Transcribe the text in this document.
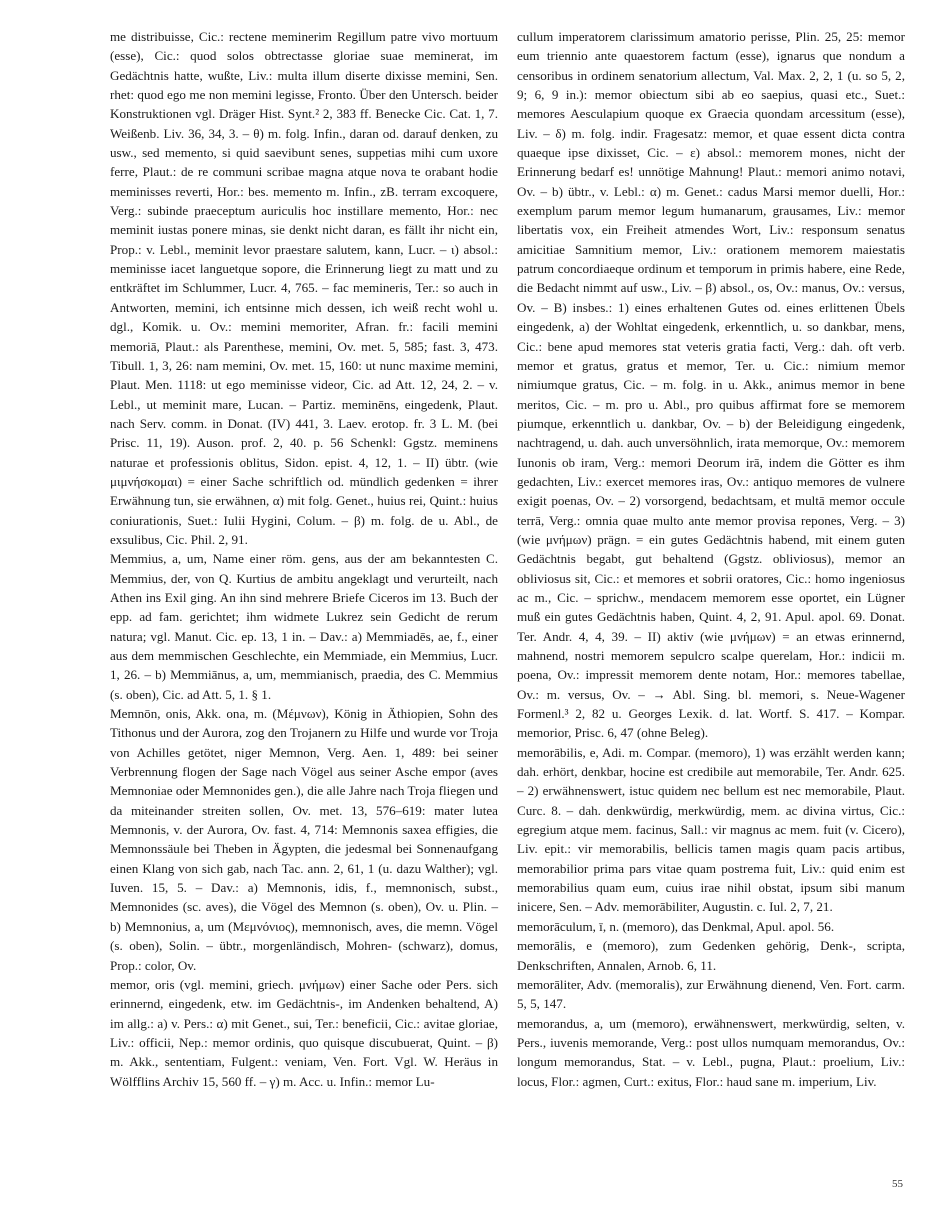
me distribuisse, Cic.: rectene meminerim Regillum patre vivo mortuum (esse), Cic.: quod solos obtrectasse gloriae suae meminerat, im Gedächtnis hatte, wußte, Liv.: multa illum diserte dixisse memini, Sen. rhet: quod ego me non memini legisse, Fronto. Über den Untersch. beider Konstruktionen vgl. Dräger Hist. Synt.² 2, 383 ff. Benecke Cic. Cat. 1, 7. Weißenb. Liv. 36, 34, 3. – θ) m. folg. Infin., daran od. darauf denken, zu usw., sed memento, si quid saevibunt senes, suppetias mihi cum uxore ferre, Plaut.: de re communi scribae magna atque nova te orabant hodie meminisses reverti, Hor.: bes. memento m. Infin., zB. terram excoquere, Verg.: subinde praeceptum auriculis hoc instillare memento, Hor.: nec meminit iustas ponere minas, sie denkt nicht daran, es fällt ihr nicht ein, Prop.: v. Lebl., meminit levor praestare salutem, kann, Lucr. – ι) absol.: meminisse iacet languetque sopore, die Erinnerung liegt zu matt und zu entkräftet im Schlummer, Lucr. 4, 765. – fac memineris, Ter.: so auch in Antworten, memini, ich entsinne mich dessen, ich weiß recht wohl u. dgl., Komik. u. Ov.: memini memoriter, Afran. fr.: facili memini memoriā, Plaut.: als Parenthese, memini, Ov. met. 5, 585; fast. 3, 473. Tibull. 1, 3, 26: nam memini, Ov. met. 15, 160: ut nunc maxime memini, Plaut. Men. 1118: ut ego meminisse videor, Cic. ad Att. 12, 24, 2. – v. Lebl., ut meminit mare, Lucan. – Partiz. meminēns, eingedenk, Plaut. nach Serv. comm. in Donat. (IV) 441, 3. Laev. erotop. fr. 3 L. M. (bei Prisc. 11, 19). Auson. prof. 2, 40. p. 56 Schenkl: Ggstz. meminens naturae et professionis oblitus, Sidon. epist. 4, 12, 1. – II) übtr. (wie μιμνήσκομαι) = einer Sache schriftlich od. mündlich gedenken = ihrer Erwähnung tun, sie erwähnen, α) mit folg. Genet., huius rei, Quint.: huius coniurationis, Suet.: Iulii Hygini, Colum. – β) m. folg. de u. Abl., de exsulibus, Cic. Phil. 2, 91.

Memmius, a, um, Name einer röm. gens, aus der am bekanntesten C. Memmius, der, von Q. Kurtius de ambitu angeklagt und verurteilt, nach Athen ins Exil ging. An ihn sind mehrere Briefe Ciceros im 13. Buch der epp. ad fam. gerichtet; ihm widmete Lukrez sein Gedicht de rerum natura; vgl. Manut. Cic. ep. 13, 1 in. – Dav.: a) Memmiadēs, ae, f., einer aus dem memmischen Geschlechte, ein Memmiade, ein Memmius, Lucr. 1, 26. – b) Memmiānus, a, um, memmianisch, praedia, des C. Memmius (s. oben), Cic. ad Att. 5, 1. § 1.

Memnōn, onis, Akk. ona, m. (Μέμνων), König in Äthiopien, Sohn des Tithonus und der Aurora, zog den Trojanern zu Hilfe und wurde vor Troja von Achilles getötet, niger Memnon, Verg. Aen. 1, 489: bei seiner Verbrennung flogen der Sage nach Vögel aus seiner Asche empor (aves Memnoniae oder Memnonides gen.), die alle Jahre nach Troja fliegen und da miteinander streiten sollen, Ov. met. 13, 576–619: mater lutea Memnonis, v. der Aurora, Ov. fast. 4, 714: Memnonis saxea effigies, die Memnonssäule bei Theben in Ägypten, die jedesmal bei Sonnenaufgang einen Klang von sich gab, nach Tac. ann. 2, 61, 1 (u. dazu Walther); vgl. Iuven. 15, 5. – Dav.: a) Memnonis, idis, f., memnonisch, subst., Memnonides (sc. aves), die Vögel des Memnon (s. oben), Ov. u. Plin. – b) Memnonius, a, um (Μεμνόνιος), memnonisch, aves, die memn. Vögel (s. oben), Solin. – übtr., morgenländisch, Mohren- (schwarz), domus, Prop.: color, Ov.

memor, oris (vgl. memini, griech. μνήμων) einer Sache oder Pers. sich erinnernd, eingedenk, etw. im Gedächtnis-, im Andenken behaltend, A) im allg.: a) v. Pers.: α) mit Genet., sui, Ter.: beneficii, Cic.: avitae gloriae, Liv.: officii, Nep.: memor ordinis, quo quisque discubuerat, Quint. – β) m. Akk., sententiam, Fulgent.: veniam, Ven. Fort. Vgl. W. Heräus in Wölfflins Archiv 15, 560 ff. – γ) m. Acc. u. Infin.: memor Lu-

cullum imperatorem clarissimum amatorio perisse, Plin. 25, 25: memor eum triennio ante quaestorem factum (esse), ignarus que nondum a censoribus in ordinem senatorium allectum, Val. Max. 2, 2, 1 (u. so 5, 2, 9; 6, 9 in.): memor obiectum sibi ab eo saepius, quasi etc., Suet.: memores Aesculapium quoque ex Graecia quondam arcessitum (esse), Liv. – δ) m. folg. indir. Fragesatz: memor, et quae essent dicta contra quaeque ipse dixisset, Cic. – ε) absol.: memorem mones, nicht der Erinnerung bedarf es! unnötige Mahnung! Plaut.: memori animo notavi, Ov. – b) übtr., v. Lebl.: α) m. Genet.: cadus Marsi memor duelli, Hor.: exemplum parum memor legum humanarum, grausames, Liv.: memor libertatis vox, ein Freiheit atmendes Wort, Liv.: responsum senatus amicitiae Samnitium memor, Liv.: orationem memorem maiestatis patrum concordiaeque ordinum et temporum in primis habere, eine Rede, die Bedacht nimmt auf usw., Liv. – β) absol., os, Ov.: manus, Ov.: versus, Ov. – B) insbes.: 1) eines erhaltenen Gutes od. eines erlittenen Übels eingedenk, a) der Wohltat eingedenk, erkenntlich, u. so dankbar, mens, Cic.: bene apud memores stat veteris gratia facti, Verg.: dah. oft verb. memor et gratus, gratus et memor, Ter. u. Cic.: nimium memor nimiumque gratus, Cic. – m. folg. in u. Akk., animus memor in bene meritos, Cic. – m. pro u. Abl., pro quibus affirmat fore se memorem piumque, erkenntlich u. dankbar, Ov. – b) der Beleidigung eingedenk, nachtragend, u. dah. auch unversöhnlich, irata memorque, Ov.: memorem Iunonis ob iram, Verg.: memori Deorum irā, indem die Götter es ihm gedachten, Liv.: exercet memores iras, Ov.: antiquo memores de vulnere exigit poenas, Ov. – 2) vorsorgend, bedachtsam, et multā memor occule terrā, Verg.: omnia quae multo ante memor provisa repones, Verg. – 3) (wie μνήμων) prägn. = ein gutes Gedächtnis habend, mit einem guten Gedächtnis begabt, gut behaltend (Ggstz. obliviosus), memor an obliviosus sit, Cic.: et memores et sobrii oratores, Cic.: homo ingeniosus ac m., Cic. – sprichw., mendacem memorem esse oportet, ein Lügner muß ein gutes Gedächtnis haben, Quint. 4, 2, 91. Apul. apol. 69. Donat. Ter. Andr. 4, 4, 39. – II) aktiv (wie μνήμων) = an etwas erinnernd, mahnend, nostri memorem sepulcro scalpe querelam, Hor.: indicii m. poena, Ov.: impressit memorem dente notam, Hor.: memores tabellae, Ov.: m. versus, Ov. – → Abl. Sing. bl. memori, s. Neue-Wagener Formenl.³ 2, 82 u. Georges Lexik. d. lat. Wortf. S. 417. – Kompar. memorior, Prisc. 6, 47 (ohne Beleg).

memorābilis, e, Adi. m. Compar. (memoro), 1) was erzählt werden kann; dah. erhört, denkbar, hocine est credibile aut memorabile, Ter. Andr. 625. – 2) erwähnenswert, istuc quidem nec bellum est nec memorabile, Plaut. Curc. 8. – dah. denkwürdig, merkwürdig, mem. ac divina virtus, Cic.: egregium atque mem. facinus, Sall.: vir magnus ac mem. fuit (v. Cicero), Liv. epit.: vir memorabilis, bellicis tamen magis quam pacis artibus, memorabilior prima pars vitae quam postrema fuit, Liv.: quid enim est memorabilius quam eum, cuius irae nihil obstat, ipsum sibi manum inicere, Sen. – Adv. memorābiliter, Augustin. c. Iul. 2, 7, 21.

memorāculum, ī, n. (memoro), das Denkmal, Apul. apol. 56.

memorālis, e (memoro), zum Gedenken gehörig, Denk-, scripta, Denkschriften, Annalen, Arnob. 6, 11.

memorāliter, Adv. (memoralis), zur Erwähnung dienend, Ven. Fort. carm. 5, 5, 147.

memorandus, a, um (memoro), erwähnenswert, merkwürdig, selten, v. Pers., iuvenis memorande, Verg.: post ullos numquam memorandus, Ov.: longum memorandus, Stat. – v. Lebl., pugna, Plaut.: proelium, Liv.: locus, Flor.: agmen, Curt.: exitus, Flor.: haud sane m. imperium, Liv.

55
